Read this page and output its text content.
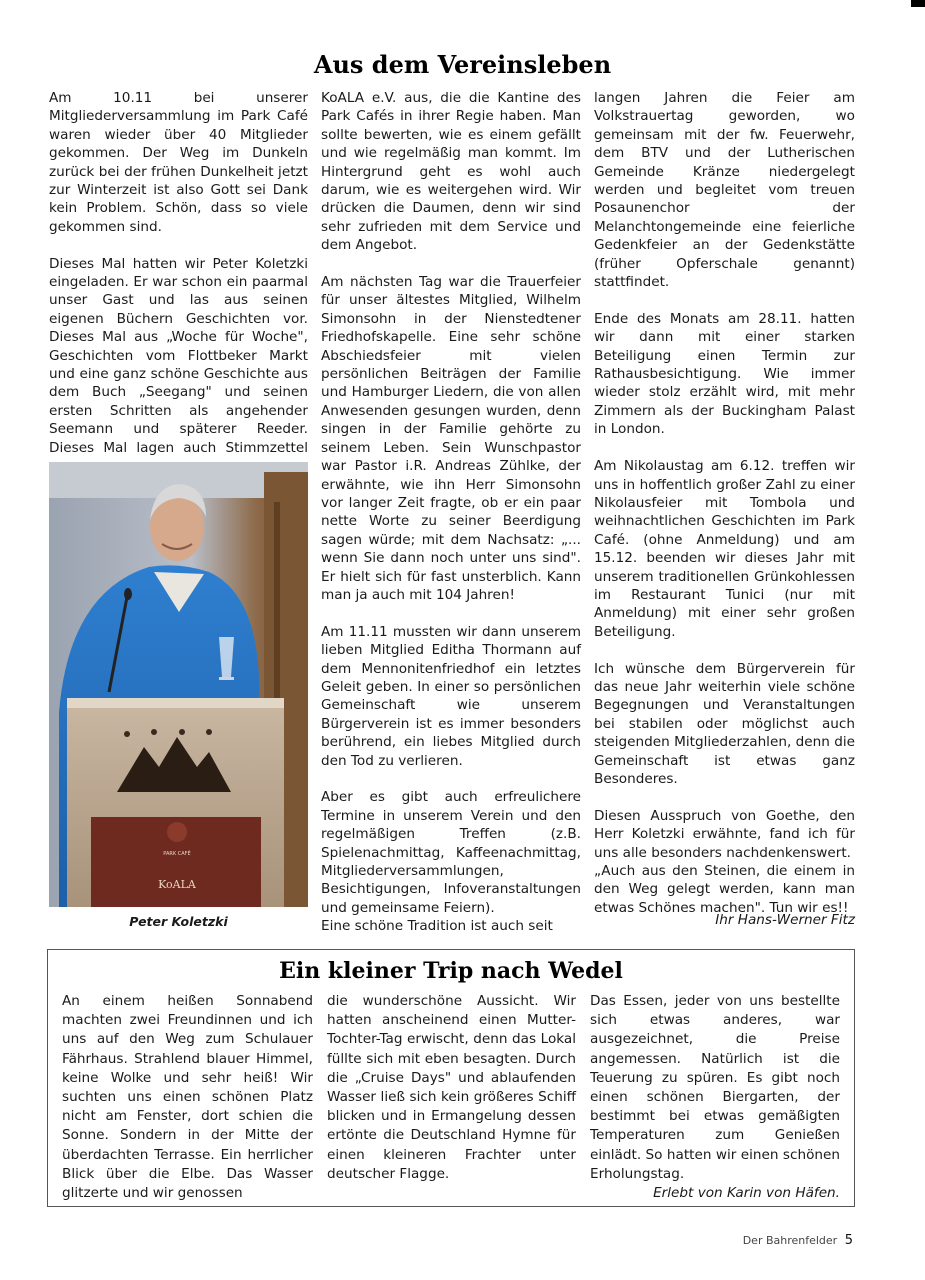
Aus dem Vereinsleben

Am 10.11 bei unserer Mitgliederversammlung im Park Café waren wieder über 40 Mitglieder gekommen. Der Weg im Dunkeln zurück bei der frühen Dunkelheit jetzt zur Winterzeit ist also Gott sei Dank kein Problem. Schön, dass so viele gekommen sind.

Dieses Mal hatten wir Peter Koletzki eingeladen. Er war schon ein paarmal unser Gast und las aus seinen eigenen Büchern Geschichten vor. Dieses Mal aus „Woche für Woche", Geschichten vom Flottbeker Markt und eine ganz schöne Geschichte aus dem Buch „Seegang" und seinen ersten Schritten als angehender Seemann und späterer Reeder. Dieses Mal lagen auch Stimmzettel

PARK CAFÉ
KoALA
Peter Koletzki

KoALA e.V. aus, die die Kantine des Park Cafés in ihrer Regie haben. Man sollte bewerten, wie es einem gefällt und wie regelmäßig man kommt. Im Hintergrund geht es wohl auch darum, wie es weitergehen wird. Wir drücken die Daumen, denn wir sind sehr zufrieden mit dem Service und dem Angebot.

Am nächsten Tag war die Trauerfeier für unser ältestes Mitglied, Wilhelm Simonsohn in der Nienstedtener Friedhofskapelle. Eine sehr schöne Abschiedsfeier mit vielen persönlichen Beiträgen der Familie und Hamburger Liedern, die von allen Anwesenden gesungen wurden, denn singen in der Familie gehörte zu seinem Leben. Sein Wunschpastor war Pastor i.R. Andreas Zühlke, der erwähnte, wie ihn Herr Simonsohn vor langer Zeit fragte, ob er ein paar nette Worte zu seiner Beerdigung sagen würde; mit dem Nachsatz: „... wenn Sie dann noch unter uns sind". Er hielt sich für fast unsterblich. Kann man ja auch mit 104 Jahren!

Am 11.11 mussten wir dann unserem lieben Mitglied Editha Thormann auf dem Mennonitenfriedhof ein letztes Geleit geben. In einer so persönlichen Gemeinschaft wie unserem Bürgerverein ist es immer besonders berührend, ein liebes Mitglied durch den Tod zu verlieren.

Aber es gibt auch erfreulichere Termine in unserem Verein und den regelmäßigen Treffen (z.B. Spielenachmittag, Kaffeenachmittag, Mitgliederversammlungen, Besichtigungen, Infoveranstaltungen und gemeinsame Feiern).

Eine schöne Tradition ist auch seit

langen Jahren die Feier am Volkstrauertag geworden, wo gemeinsam mit der fw. Feuerwehr, dem BTV und der Lutherischen Gemeinde Kränze niedergelegt werden und begleitet vom treuen Posaunenchor der Melanchtongemeinde eine feierliche Gedenkfeier an der Gedenkstätte (früher Opferschale genannt) stattfindet.

Ende des Monats am 28.11. hatten wir dann mit einer starken Beteiligung einen Termin zur Rathausbesichtigung. Wie immer wieder stolz erzählt wird, mit mehr Zimmern als der Buckingham Palast in London.

Am Nikolaustag am 6.12. treffen wir uns in hoffentlich großer Zahl zu einer Nikolausfeier mit Tombola und weihnachtlichen Geschichten im Park Café. (ohne Anmeldung) und am 15.12. beenden wir dieses Jahr mit unserem traditionellen Grünkohlessen im Restaurant Tunici (nur mit Anmeldung) mit einer sehr großen Beteiligung.

Ich wünsche dem Bürgerverein für das neue Jahr weiterhin viele schöne Begegnungen und Veranstaltungen bei stabilen oder möglichst auch steigenden Mitgliederzahlen, denn die Gemeinschaft ist etwas ganz Besonderes.

Diesen Ausspruch von Goethe, den Herr Koletzki erwähnte, fand ich für uns alle besonders nachdenkenswert.

„Auch aus den Steinen, die einem in den Weg gelegt werden, kann man etwas Schönes machen". Tun wir es!!

Ihr Hans-Werner Fitz
Ein kleiner Trip nach Wedel

An einem heißen Sonnabend machten zwei Freundinnen und ich uns auf den Weg zum Schulauer Fährhaus. Strahlend blauer Himmel, keine Wolke und sehr heiß! Wir suchten uns einen schönen Platz nicht am Fenster, dort schien die Sonne. Sondern in der Mitte der überdachten Terrasse. Ein herrlicher Blick über die Elbe. Das Wasser glitzerte und wir genossen

die wunderschöne Aussicht. Wir hatten anscheinend einen Mutter-Tochter-Tag erwischt, denn das Lokal füllte sich mit eben besagten. Durch die „Cruise Days" und ablaufenden Wasser ließ sich kein größeres Schiff blicken und in Ermangelung dessen ertönte die Deutschland Hymne für einen kleineren Frachter unter deutscher Flagge.

Das Essen, jeder von uns bestellte sich etwas anderes, war ausgezeichnet, die Preise angemessen. Natürlich ist die Teuerung zu spüren. Es gibt noch einen schönen Biergarten, der bestimmt bei etwas gemäßigten Temperaturen zum Genießen einlädt. So hatten wir einen schönen Erholungstag.

Erlebt von Karin von Häfen.

Der Bahrenfelder 5
